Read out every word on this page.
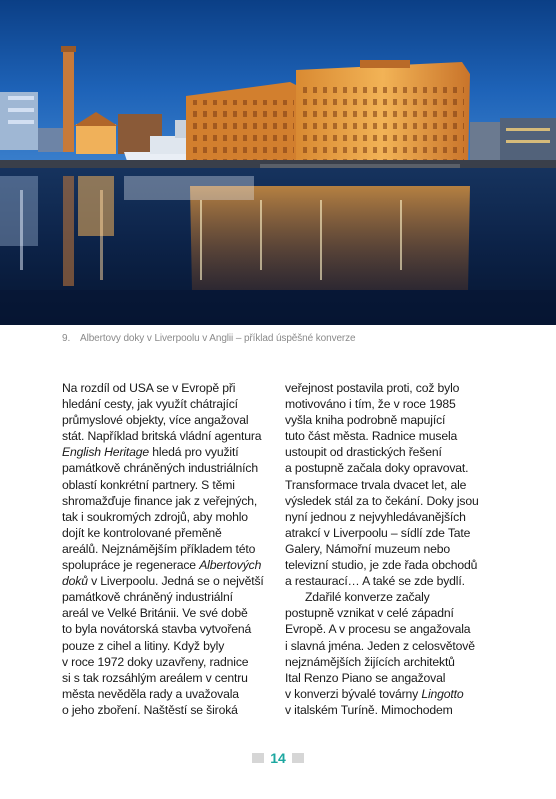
9. Albertovy doky v Liverpoolu v Anglii – příklad úspěšné konverze
Na rozdíl od USA se v Evropě při
hledání cesty, jak využít chátrající
průmyslové objekty, více angažoval
stát. Například britská vládní agentura
English Heritage hledá pro využití
památkově chráněných industriálních
oblastí konkrétní partnery. S těmi
shromažďuje finance jak z veřejných,
tak i soukromých zdrojů, aby mohlo
dojít ke kontrolované přeměně
areálů. Nejznámějším příkladem této
spolupráce je regenerace Albertových
doků v Liverpoolu. Jedná se o největší
památkově chráněný industriální
areál ve Velké Británii. Ve své době
to byla novátorská stavba vytvořená
pouze z cihel a litiny. Když byly
v roce 1972 doky uzavřeny, radnice
si s tak rozsáhlým areálem v centru
města nevěděla rady a uvažovala
o jeho zboření. Naštěstí se široká
veřejnost postavila proti, což bylo
motivováno i tím, že v roce 1985
vyšla kniha podrobně mapující
tuto část města. Radnice musela
ustoupit od drastických řešení
a postupně začala doky opravovat.
Transformace trvala dvacet let, ale
výsledek stál za to čekání. Doky jsou
nyní jednou z nejvyhledávanějších
atrakcí v Liverpoolu – sídlí zde Tate
Galery, Námořní muzeum nebo
televizní studio, je zde řada obchodů
a restaurací… A také se zde bydlí.
Zdařilé konverze začaly
postupně vznikat v celé západní
Evropě. A v procesu se angažovala
i slavná jména. Jeden z celosvětově
nejznámějších žijících architektů
Ital Renzo Piano se angažoval
v konverzi bývalé továrny Lingotto
v italském Turíně. Mimochodem
14
